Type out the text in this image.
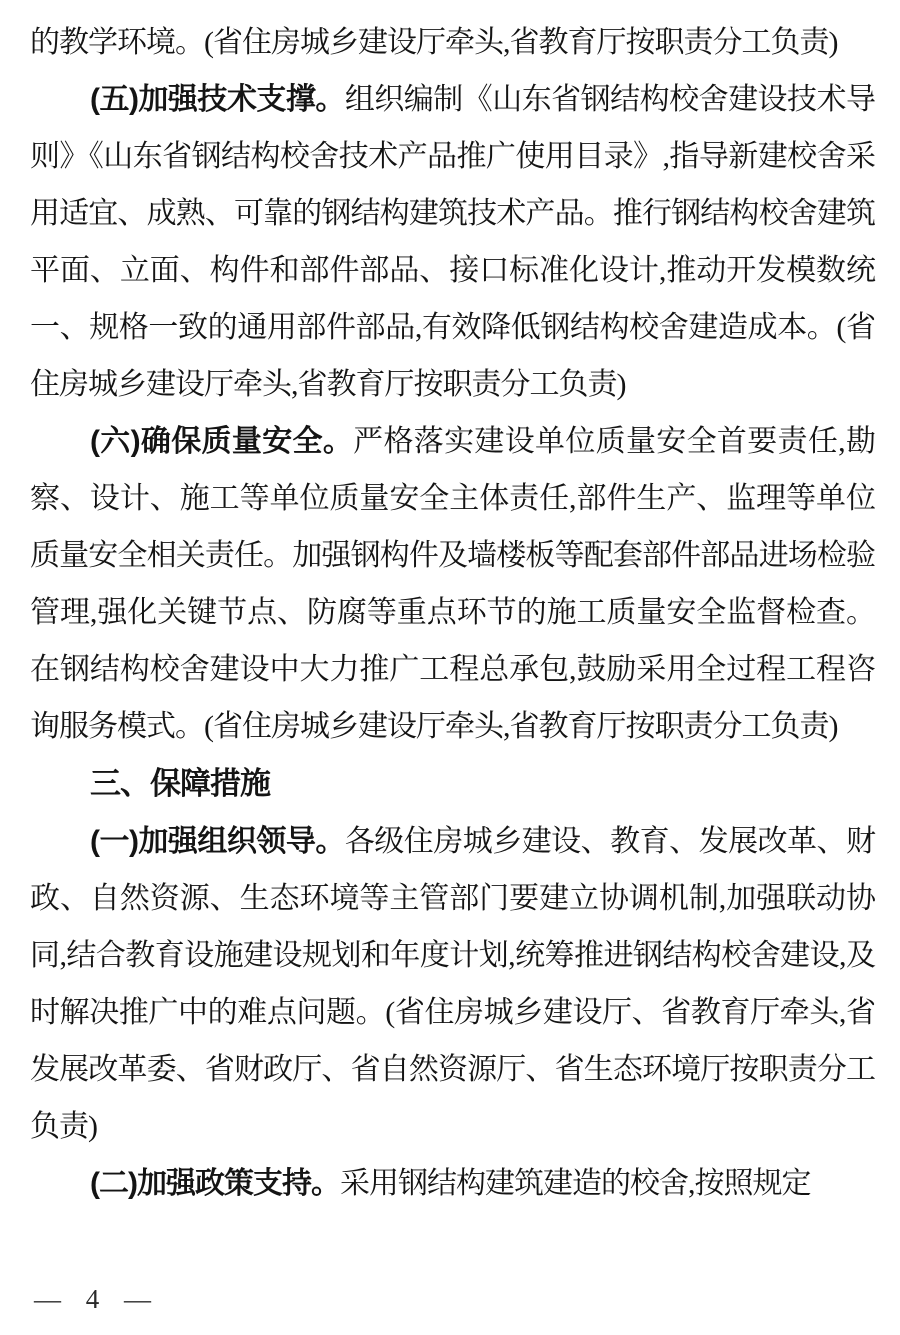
的教学环境。(省住房城乡建设厅牵头,省教育厅按职责分工负责)

(五)加强技术支撑。组织编制《山东省钢结构校舍建设技术导则》《山东省钢结构校舍技术产品推广使用目录》,指导新建校舍采用适宜、成熟、可靠的钢结构建筑技术产品。推行钢结构校舍建筑平面、立面、构件和部件部品、接口标准化设计,推动开发模数统一、规格一致的通用部件部品,有效降低钢结构校舍建造成本。(省住房城乡建设厅牵头,省教育厅按职责分工负责)

(六)确保质量安全。严格落实建设单位质量安全首要责任,勘察、设计、施工等单位质量安全主体责任,部件生产、监理等单位质量安全相关责任。加强钢构件及墙楼板等配套部件部品进场检验管理,强化关键节点、防腐等重点环节的施工质量安全监督检查。在钢结构校舍建设中大力推广工程总承包,鼓励采用全过程工程咨询服务模式。(省住房城乡建设厅牵头,省教育厅按职责分工负责)

三、保障措施

(一)加强组织领导。各级住房城乡建设、教育、发展改革、财政、自然资源、生态环境等主管部门要建立协调机制,加强联动协同,结合教育设施建设规划和年度计划,统筹推进钢结构校舍建设,及时解决推广中的难点问题。(省住房城乡建设厅、省教育厅牵头,省发展改革委、省财政厅、省自然资源厅、省生态环境厅按职责分工负责)

(二)加强政策支持。采用钢结构建筑建造的校舍,按照规定

— 4 —
